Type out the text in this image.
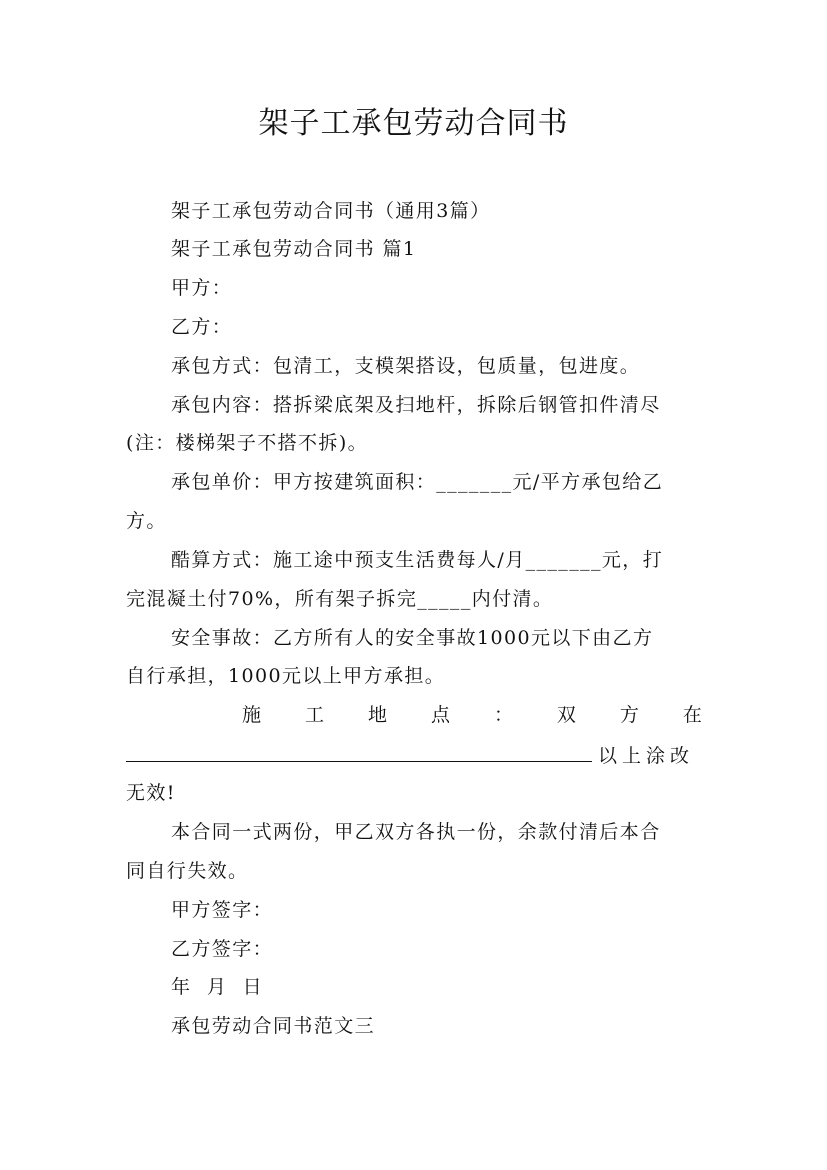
架子工承包劳动合同书
架子工承包劳动合同书（通用3篇）
架子工承包劳动合同书 篇1
甲方：
乙方：
承包方式：包清工，支模架搭设，包质量，包进度。
承包内容：搭拆梁底架及扫地杆，拆除后钢管扣件清尽
(注：楼梯架子不搭不拆)。
承包单价：甲方按建筑面积：_______元/平方承包给乙
方。
酷算方式：施工途中预支生活费每人/月_______元，打
完混凝土付70%，所有架子拆完_____内付清。
安全事故：乙方所有人的安全事故1000元以下由乙方
自行承担，1000元以上甲方承担。
施 工 地 点 ： 双 方 在
以上涂改
无效!
本合同一式两份，甲乙双方各执一份，余款付清后本合
同自行失效。
甲方签字：
乙方签字：
年 月 日
承包劳动合同书范文三
